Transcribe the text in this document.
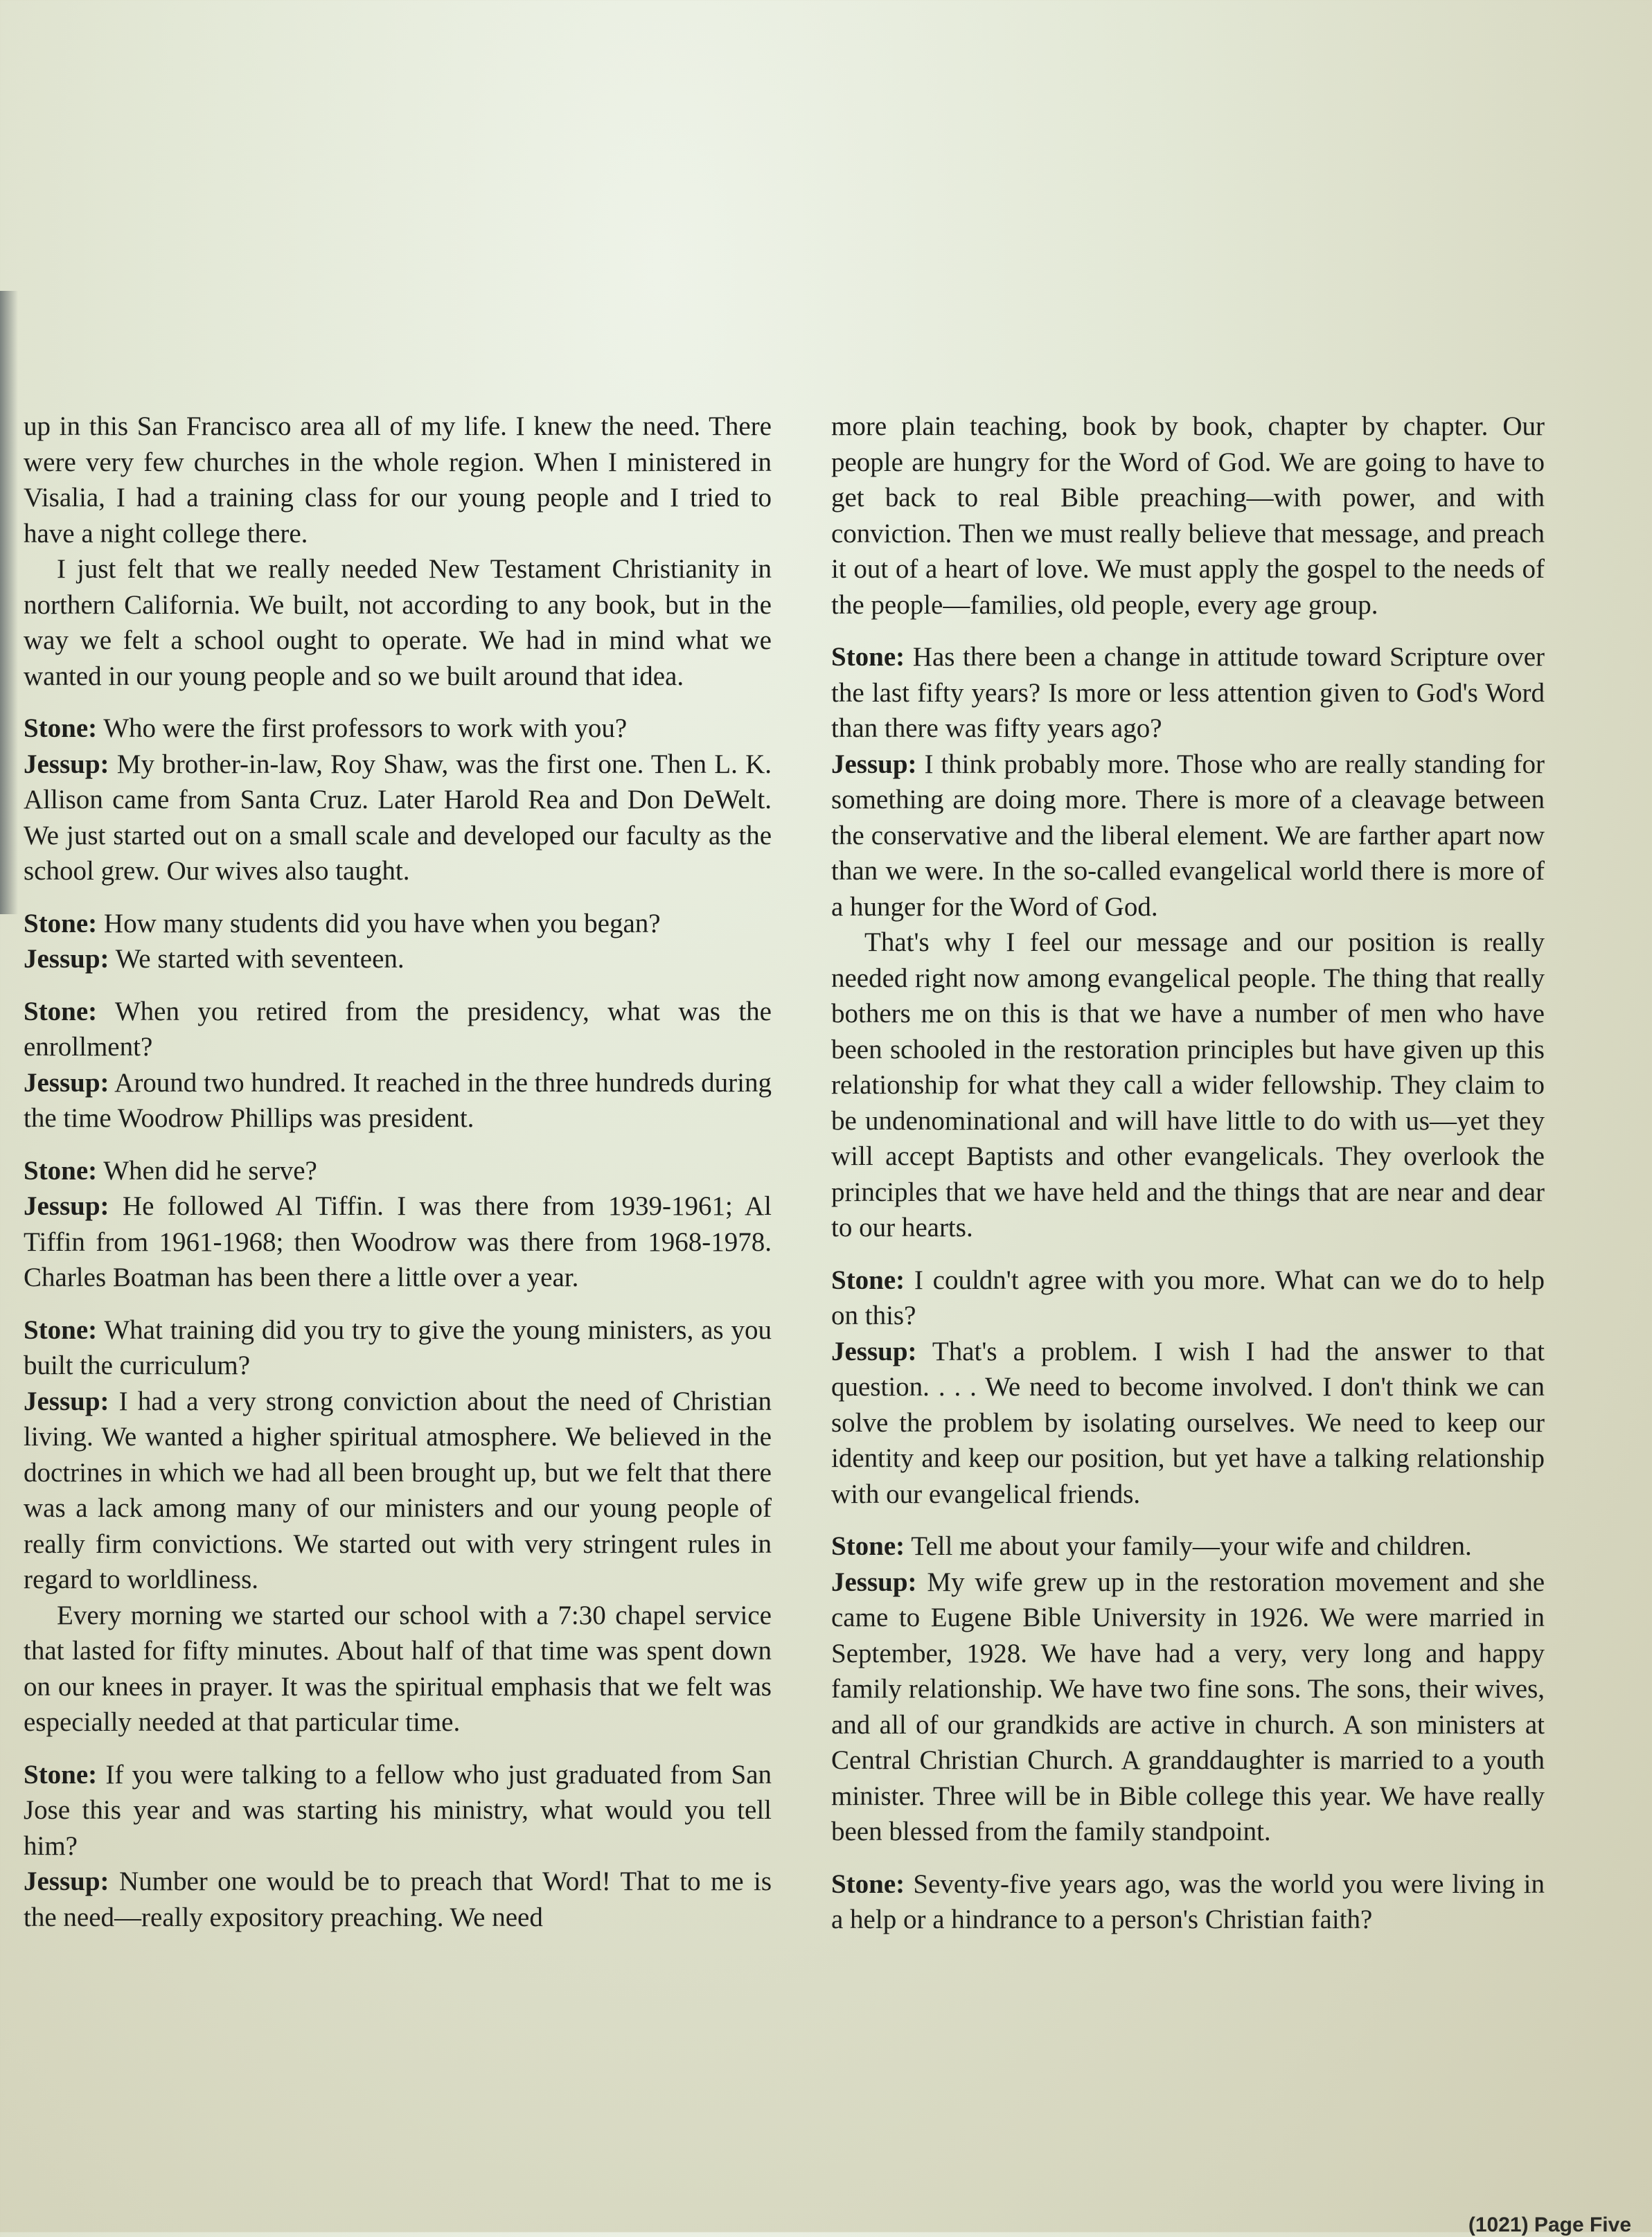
up in this San Francisco area all of my life. I knew the need. There were very few churches in the whole region. When I ministered in Visalia, I had a training class for our young people and I tried to have a night college there.

I just felt that we really needed New Testament Christianity in northern California. We built, not according to any book, but in the way we felt a school ought to operate. We had in mind what we wanted in our young people and so we built around that idea.

Stone: Who were the first professors to work with you?

Jessup: My brother-in-law, Roy Shaw, was the first one. Then L. K. Allison came from Santa Cruz. Later Harold Rea and Don DeWelt. We just started out on a small scale and developed our faculty as the school grew. Our wives also taught.

Stone: How many students did you have when you began?

Jessup: We started with seventeen.

Stone: When you retired from the presidency, what was the enrollment?

Jessup: Around two hundred. It reached in the three hundreds during the time Woodrow Phillips was president.

Stone: When did he serve?

Jessup: He followed Al Tiffin. I was there from 1939-1961; Al Tiffin from 1961-1968; then Woodrow was there from 1968-1978. Charles Boatman has been there a little over a year.

Stone: What training did you try to give the young ministers, as you built the curriculum?

Jessup: I had a very strong conviction about the need of Christian living. We wanted a higher spiritual atmosphere. We believed in the doctrines in which we had all been brought up, but we felt that there was a lack among many of our ministers and our young people of really firm convictions. We started out with very stringent rules in regard to worldliness.

Every morning we started our school with a 7:30 chapel service that lasted for fifty minutes. About half of that time was spent down on our knees in prayer. It was the spiritual emphasis that we felt was especially needed at that particular time.

Stone: If you were talking to a fellow who just graduated from San Jose this year and was starting his ministry, what would you tell him?

Jessup: Number one would be to preach that Word! That to me is the need—really expository preaching. We need

more plain teaching, book by book, chapter by chapter. Our people are hungry for the Word of God. We are going to have to get back to real Bible preaching—with power, and with conviction. Then we must really believe that message, and preach it out of a heart of love. We must apply the gospel to the needs of the people—families, old people, every age group.

Stone: Has there been a change in attitude toward Scripture over the last fifty years? Is more or less attention given to God's Word than there was fifty years ago?

Jessup: I think probably more. Those who are really standing for something are doing more. There is more of a cleavage between the conservative and the liberal element. We are farther apart now than we were. In the so-called evangelical world there is more of a hunger for the Word of God.

That's why I feel our message and our position is really needed right now among evangelical people. The thing that really bothers me on this is that we have a number of men who have been schooled in the restoration principles but have given up this relationship for what they call a wider fellowship. They claim to be undenominational and will have little to do with us—yet they will accept Baptists and other evangelicals. They overlook the principles that we have held and the things that are near and dear to our hearts.

Stone: I couldn't agree with you more. What can we do to help on this?

Jessup: That's a problem. I wish I had the answer to that question. . . . We need to become involved. I don't think we can solve the problem by isolating ourselves. We need to keep our identity and keep our position, but yet have a talking relationship with our evangelical friends.

Stone: Tell me about your family—your wife and children.

Jessup: My wife grew up in the restoration movement and she came to Eugene Bible University in 1926. We were married in September, 1928. We have had a very, very long and happy family relationship. We have two fine sons. The sons, their wives, and all of our grandkids are active in church. A son ministers at Central Christian Church. A granddaughter is married to a youth minister. Three will be in Bible college this year. We have really been blessed from the family standpoint.

Stone: Seventy-five years ago, was the world you were living in a help or a hindrance to a person's Christian faith?

(1021) Page Five
